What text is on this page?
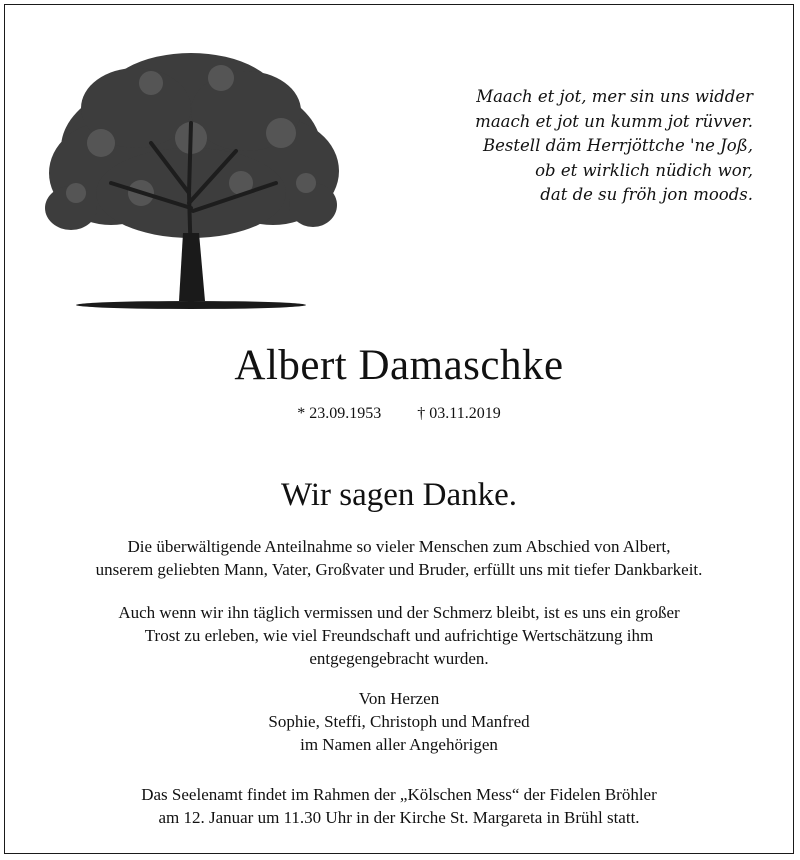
Maach et jot, mer sin uns widder
maach et jot un kumm jot rüvver.
Bestell däm Herrjöttche 'ne Joß,
ob et wirklich nüdich wor,
dat de su fröh jon moods.
Albert Damaschke
* 23.09.1953 † 03.11.2019
Wir sagen Danke.
Die überwältigende Anteilnahme so vieler Menschen zum Abschied von Albert,
unserem geliebten Mann, Vater, Großvater und Bruder, erfüllt uns mit tiefer Dankbarkeit.
Auch wenn wir ihn täglich vermissen und der Schmerz bleibt, ist es uns ein großer
Trost zu erleben, wie viel Freundschaft und aufrichtige Wertschätzung ihm
entgegengebracht wurden.
Von Herzen
Sophie, Steffi, Christoph und Manfred
im Namen aller Angehörigen
Das Seelenamt findet im Rahmen der „Kölschen Mess“ der Fidelen Bröhler
am 12. Januar um 11.30 Uhr in der Kirche St. Margareta in Brühl statt.
